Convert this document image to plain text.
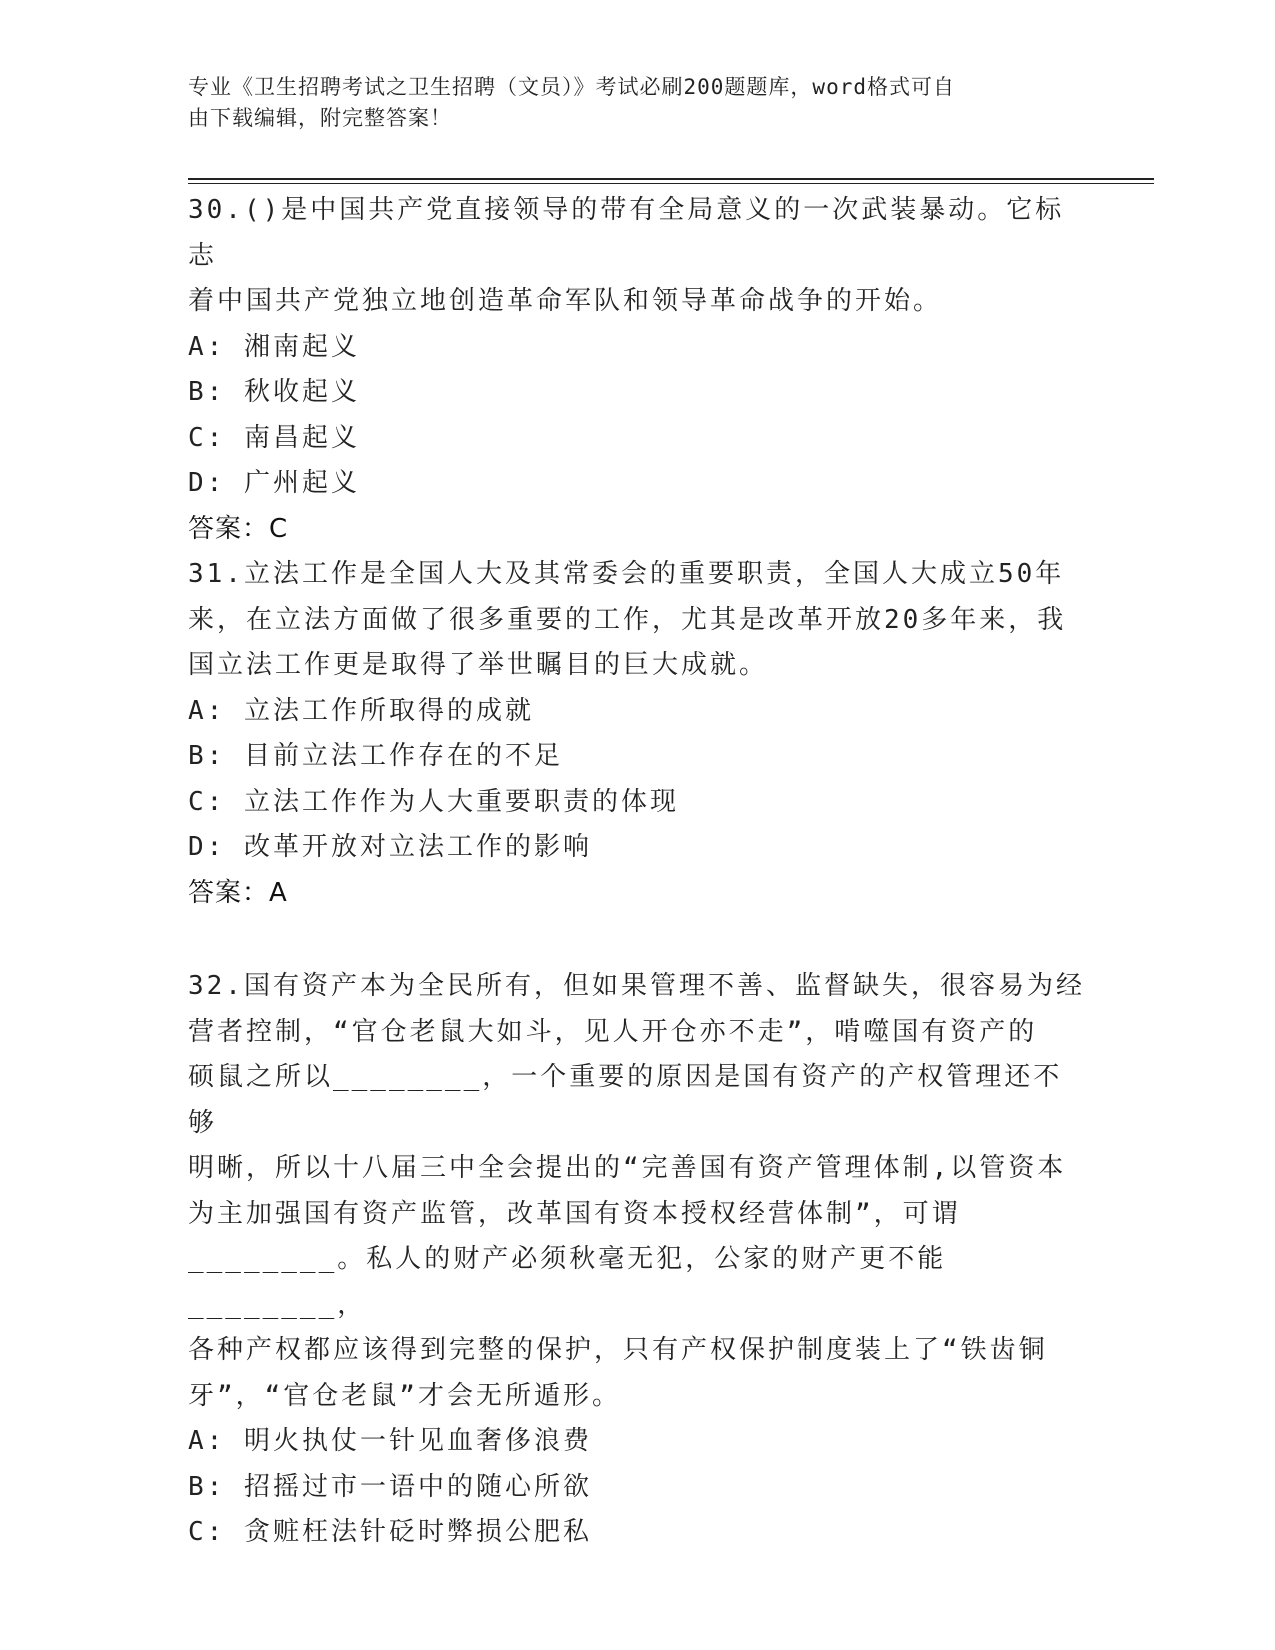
专业《卫生招聘考试之卫生招聘（文员）》考试必刷200题题库，word格式可自
由下载编辑，附完整答案！
30.()是中国共产党直接领导的带有全局意义的一次武装暴动。它标志
着中国共产党独立地创造革命军队和领导革命战争的开始。
A: 湘南起义
B: 秋收起义
C: 南昌起义
D: 广州起义
答案：C
31.立法工作是全国人大及其常委会的重要职责，全国人大成立50年
来，在立法方面做了很多重要的工作，尤其是改革开放20多年来，我
国立法工作更是取得了举世瞩目的巨大成就。
A: 立法工作所取得的成就
B: 目前立法工作存在的不足
C: 立法工作作为人大重要职责的体现
D: 改革开放对立法工作的影响
答案：A
32.国有资产本为全民所有，但如果管理不善、监督缺失，很容易为经
营者控制，“官仓老鼠大如斗，见人开仓亦不走”，啃噬国有资产的
硕鼠之所以________，一个重要的原因是国有资产的产权管理还不够
明晰，所以十八届三中全会提出的“完善国有资产管理体制,以管资本
为主加强国有资产监管，改革国有资本授权经营体制”，可谓
________。私人的财产必须秋毫无犯，公家的财产更不能________，
各种产权都应该得到完整的保护，只有产权保护制度装上了“铁齿铜
牙”，“官仓老鼠”才会无所遁形。
A: 明火执仗一针见血奢侈浪费
B: 招摇过市一语中的随心所欲
C: 贪赃枉法针砭时弊损公肥私
